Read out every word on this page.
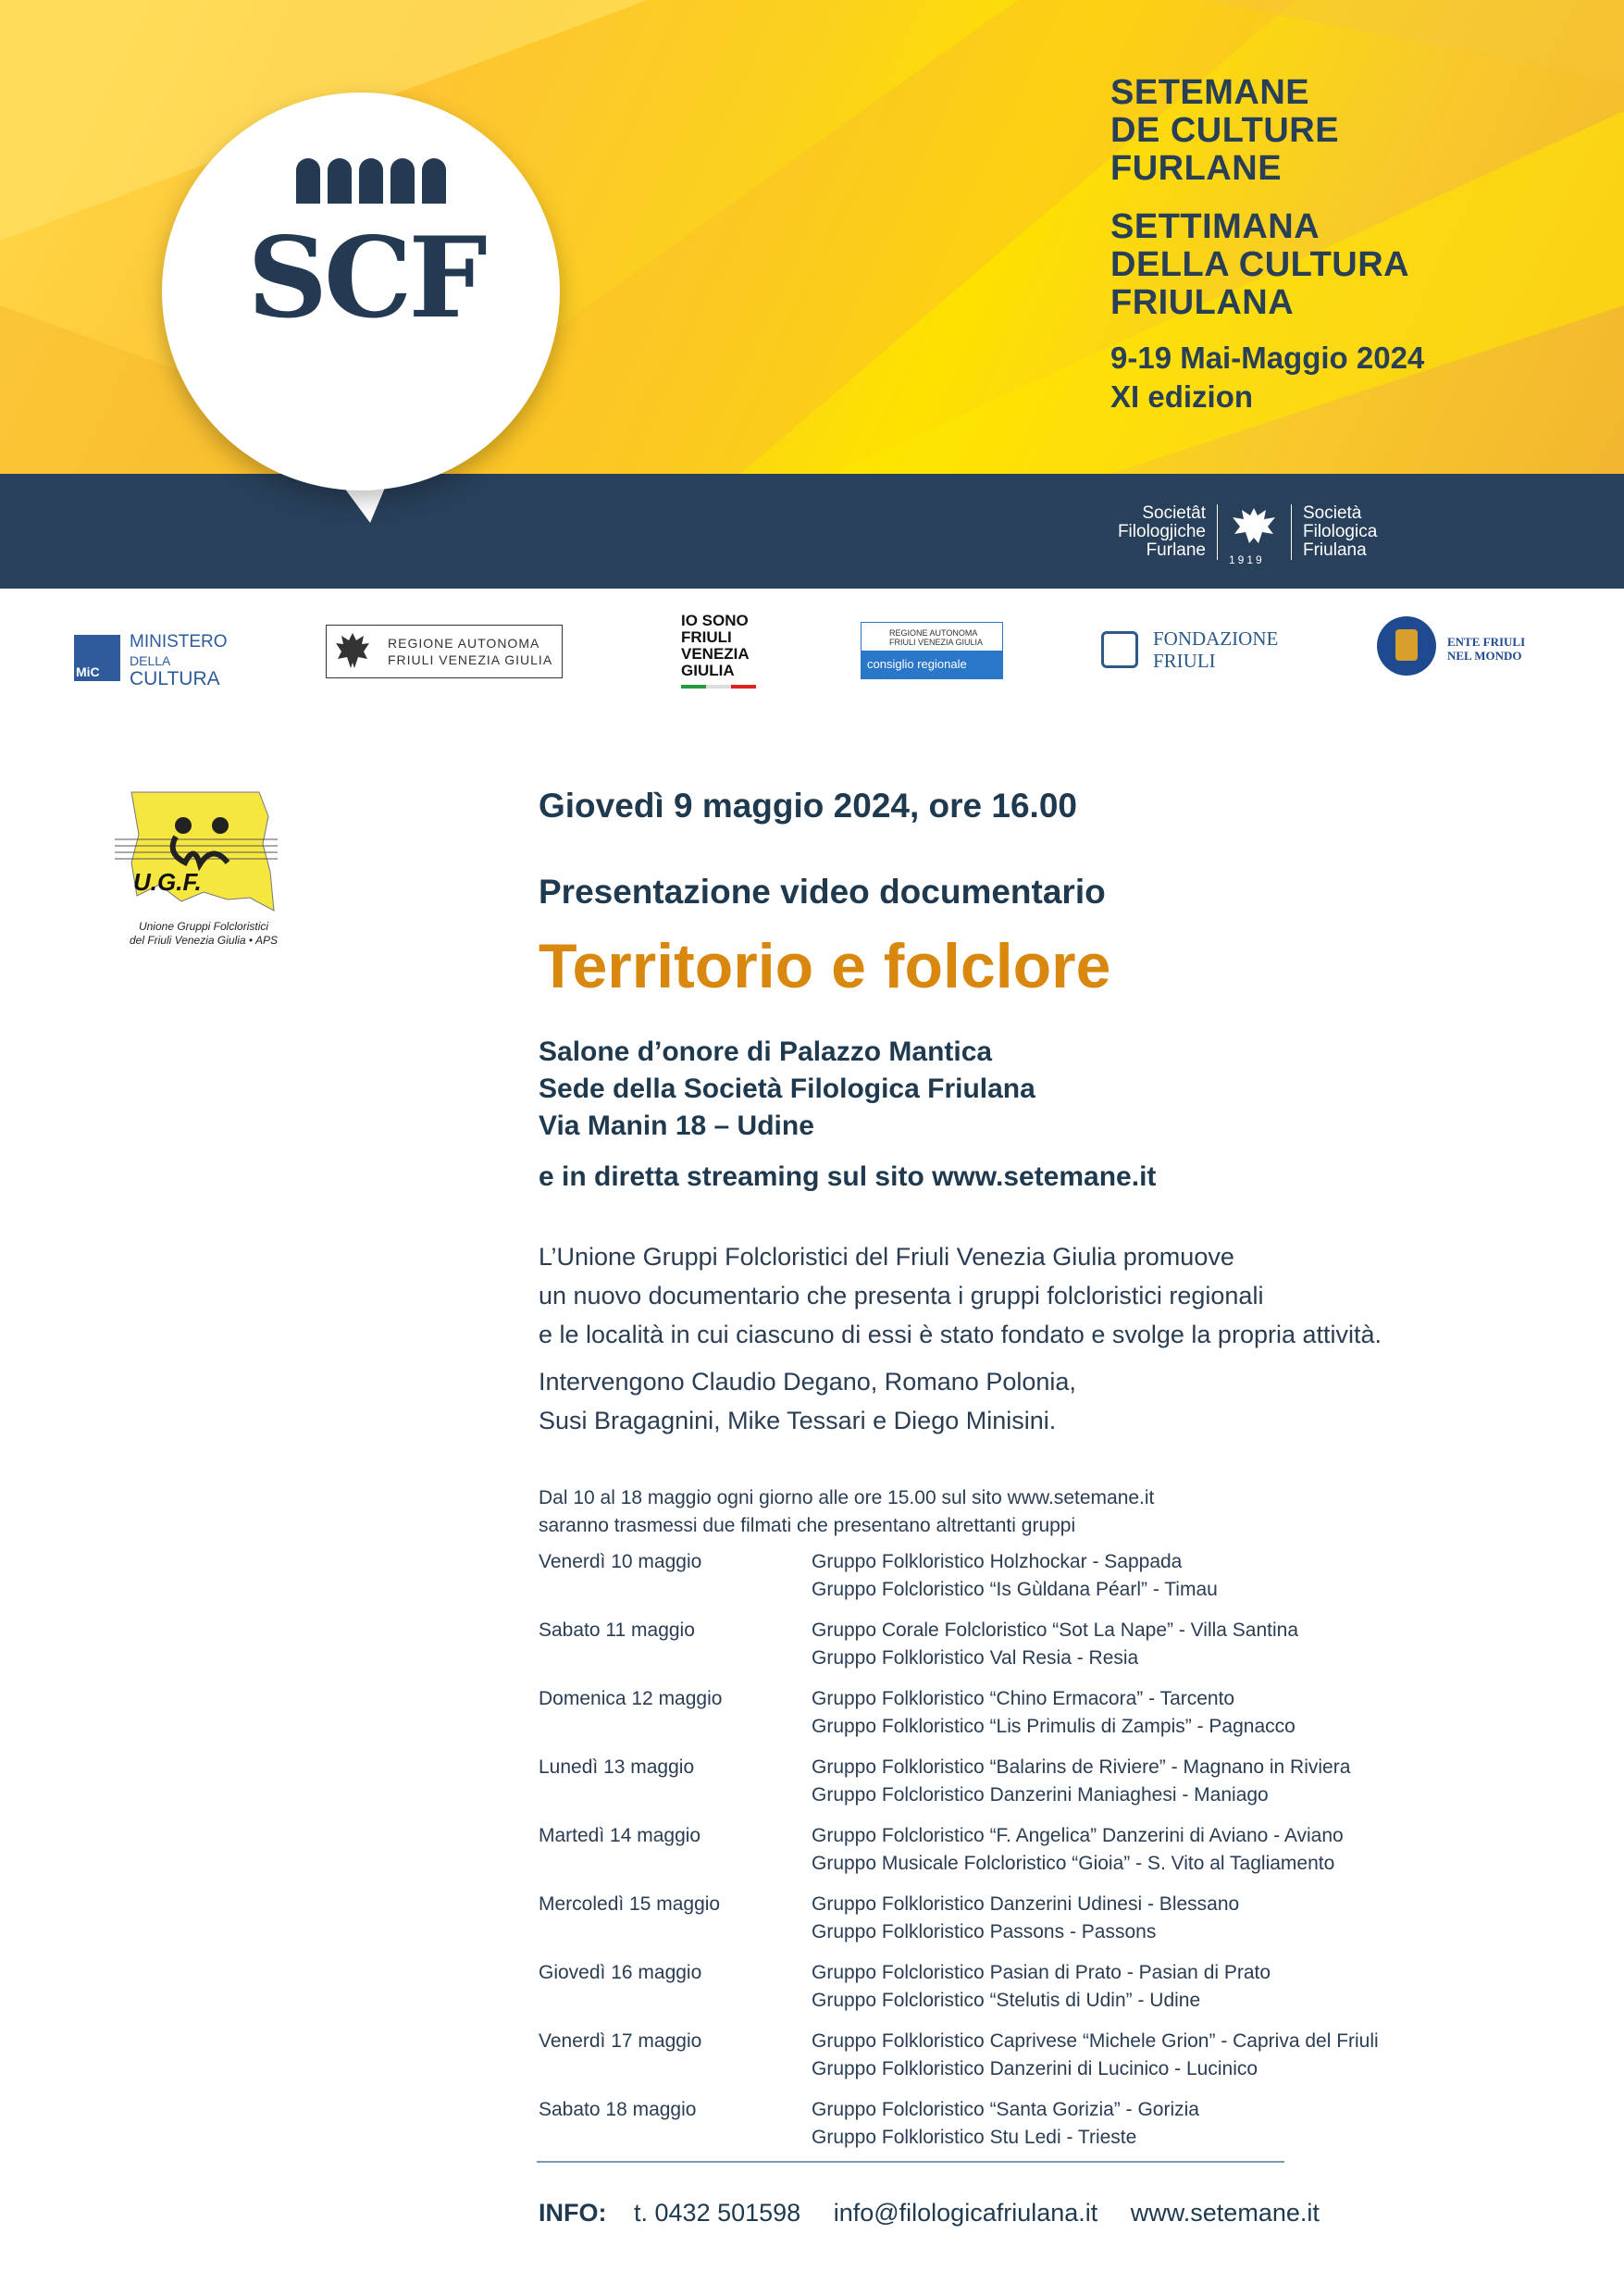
SCF
SETEMANE
DE CULTURE
FURLANE
SETTIMANA
DELLA CULTURA
FRIULANA
9-19 Mai-Maggio 2024
XI edizion
Societât
Filologjiche
Furlane 1919
Società
Filologica
Friulana
MiC
MINISTERO
DELLA
CULTURA
REGIONE AUTONOMA
FRIULI VENEZIA GIULIA
IO SONO
FRIULI
VENEZIA
GIULIA
REGIONE AUTONOMA
FRIULI VENEZIA GIULIA
consiglio regionale
FONDAZIONE
FRIULI
ENTE FRIULI
NEL MONDO
U.G.F.
Unione Gruppi Folcloristici
del Friuli Venezia Giulia • APS
Giovedì 9 maggio 2024, ore 16.00
Presentazione video documentario
Territorio e folclore
Salone d’onore di Palazzo Mantica
Sede della Società Filologica Friulana
Via Manin 18 – Udine
e in diretta streaming sul sito www.setemane.it
L’Unione Gruppi Folcloristici del Friuli Venezia Giulia promuove
un nuovo documentario che presenta i gruppi folcloristici regionali
e le località in cui ciascuno di essi è stato fondato e svolge la propria attività.
Intervengono Claudio Degano, Romano Polonia,
Susi Bragagnini, Mike Tessari e Diego Minisini.
Dal 10 al 18 maggio ogni giorno alle ore 15.00 sul sito www.setemane.it
saranno trasmessi due filmati che presentano altrettanti gruppi
Venerdì 10 maggio	Gruppo Folkloristico Holzhockar - Sappada
Gruppo Folcloristico “Is Gùldana Péarl” - Timau
Sabato 11 maggio	Gruppo Corale Folcloristico “Sot La Nape” - Villa Santina
Gruppo Folkloristico Val Resia - Resia
Domenica 12 maggio	Gruppo Folkloristico “Chino Ermacora” - Tarcento
Gruppo Folkloristico “Lis Primulis di Zampis” - Pagnacco
Lunedì 13 maggio	Gruppo Folkloristico “Balarins de Riviere” - Magnano in Riviera
Gruppo Folcloristico Danzerini Maniaghesi - Maniago
Martedì 14 maggio	Gruppo Folcloristico “F. Angelica” Danzerini di Aviano - Aviano
Gruppo Musicale Folcloristico “Gioia” - S. Vito al Tagliamento
Mercoledì 15 maggio	Gruppo Folkloristico Danzerini Udinesi - Blessano
Gruppo Folkloristico Passons - Passons
Giovedì 16 maggio	Gruppo Folcloristico Pasian di Prato - Pasian di Prato
Gruppo Folcloristico “Stelutis di Udin” - Udine
Venerdì 17 maggio	Gruppo Folkloristico Caprivese “Michele Grion” - Capriva del Friuli
Gruppo Folkloristico Danzerini di Lucinico - Lucinico
Sabato 18 maggio	Gruppo Folcloristico “Santa Gorizia” - Gorizia
Gruppo Folkloristico Stu Ledi - Trieste
INFO: t. 0432 501598 info@filologicafriulana.it www.setemane.it
